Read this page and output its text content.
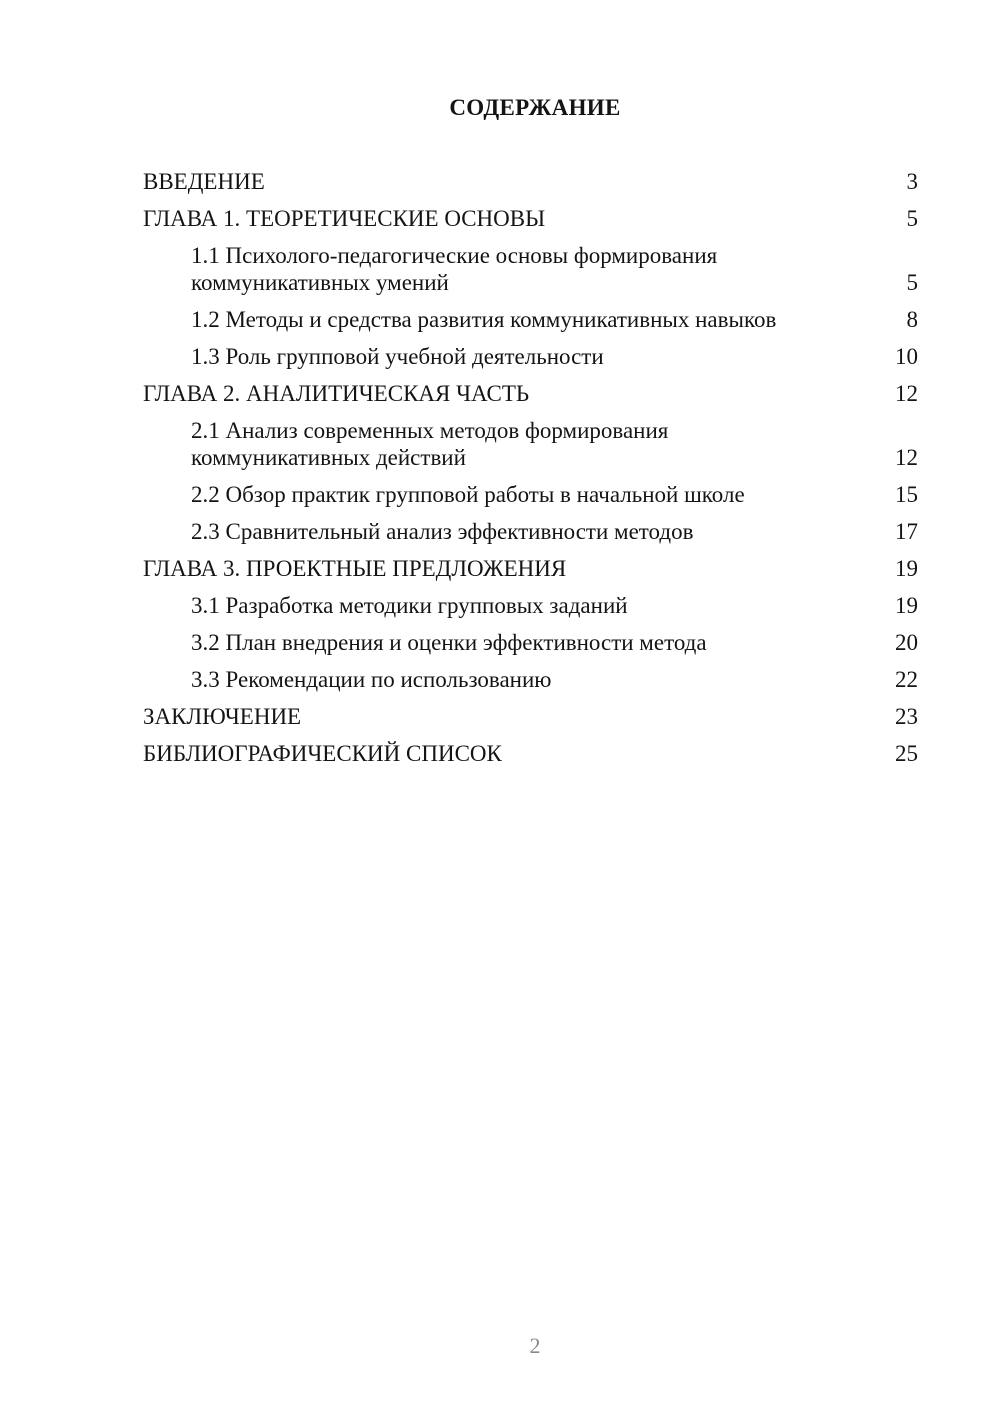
СОДЕРЖАНИЕ
ВВЕДЕНИЕ	3
ГЛАВА 1. ТЕОРЕТИЧЕСКИЕ ОСНОВЫ	5
1.1 Психолого-педагогические основы формирования коммуникативных умений	5
1.2 Методы и средства развития коммуникативных навыков	8
1.3 Роль групповой учебной деятельности	10
ГЛАВА 2. АНАЛИТИЧЕСКАЯ ЧАСТЬ	12
2.1 Анализ современных методов формирования коммуникативных действий	12
2.2 Обзор практик групповой работы в начальной школе	15
2.3 Сравнительный анализ эффективности методов	17
ГЛАВА 3. ПРОЕКТНЫЕ ПРЕДЛОЖЕНИЯ	19
3.1 Разработка методики групповых заданий	19
3.2 План внедрения и оценки эффективности метода	20
3.3 Рекомендации по использованию	22
ЗАКЛЮЧЕНИЕ	23
БИБЛИОГРАФИЧЕСКИЙ СПИСОК	25
2
